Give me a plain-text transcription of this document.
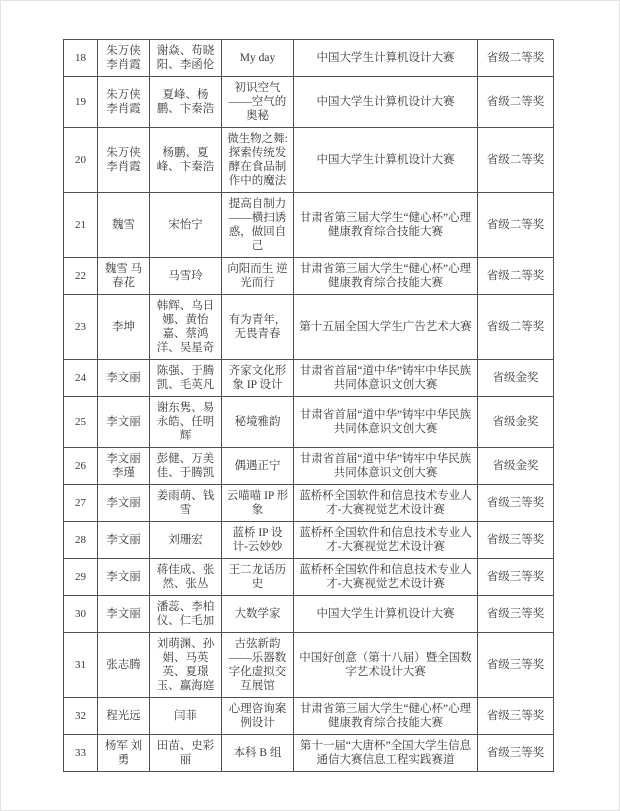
18	朱万侠 李肖霞	谢焱、苟晓阳、李函伦	My day	中国大学生计算机设计大赛	省级二等奖
19	朱万侠 李肖霞	夏峰、杨鹏、卞秦浩	初识空气——空气的奥秘	中国大学生计算机设计大赛	省级二等奖
20	朱万侠 李肖霞	杨鹏、夏峰、卞秦浩	微生物之舞:探索传统发酵在食品制作中的魔法	中国大学生计算机设计大赛	省级二等奖
21	魏雪	宋怡宁	提高自制力——横扫诱惑，做回自己	甘肃省第三届大学生“健心杯”心理健康教育综合技能大赛	省级二等奖
22	魏雪 马春花	马雪玲	向阳而生 逆光而行	甘肃省第三届大学生“健心杯”心理健康教育综合技能大赛	省级二等奖
23	李坤	韩辉、乌日娜、黄怡嘉、蔡鸿洋、吴星奇	有为青年，无畏青春	第十五届全国大学生广告艺术大赛	省级二等奖
24	李文丽	陈强、于腾凯、毛英凡	齐家文化形象 IP 设计	甘肃省首届“道中华”铸牢中华民族共同体意识文创大赛	省级金奖
25	李文丽	谢东隽、易永皓、任明辉	秘境雅韵	甘肃省首届“道中华”铸牢中华民族共同体意识文创大赛	省级金奖
26	李文丽 李瑾	彭健、万美佳、于腾凯	偶遇正宁	甘肃省首届“道中华”铸牢中华民族共同体意识文创大赛	省级金奖
27	李文丽	姜雨萌、钱雪	云喵喵 IP 形象	蓝桥杯全国软件和信息技术专业人才-大赛视觉艺术设计赛	省级三等奖
28	李文丽	刘珊宏	蓝桥 IP 设计-云妙妙	蓝桥杯全国软件和信息技术专业人才-大赛视觉艺术设计赛	省级三等奖
29	李文丽	蒋佳成、张然、张丛	王二龙话历史	蓝桥杯全国软件和信息技术专业人才-大赛视觉艺术设计赛	省级三等奖
30	李文丽	潘蕊、李柏仪、仁毛加	大数学家	中国大学生计算机设计大赛	省级三等奖
31	张志腾	刘萌渊、孙娟、马英英、夏璟玉、赢海庭	古弦新韵——乐器数字化虚拟交互展馆	中国好创意（第十八届）暨全国数字艺术设计大赛	省级三等奖
32	程光远	闫菲	心理咨询案例设计	甘肃省第三届大学生“健心杯”心理健康教育综合技能大赛	省级三等奖
33	杨军 刘勇	田苗、史彩丽	本科 B 组	第十一届“大唐杯”全国大学生信息通信大赛信息工程实践赛道	省级三等奖
